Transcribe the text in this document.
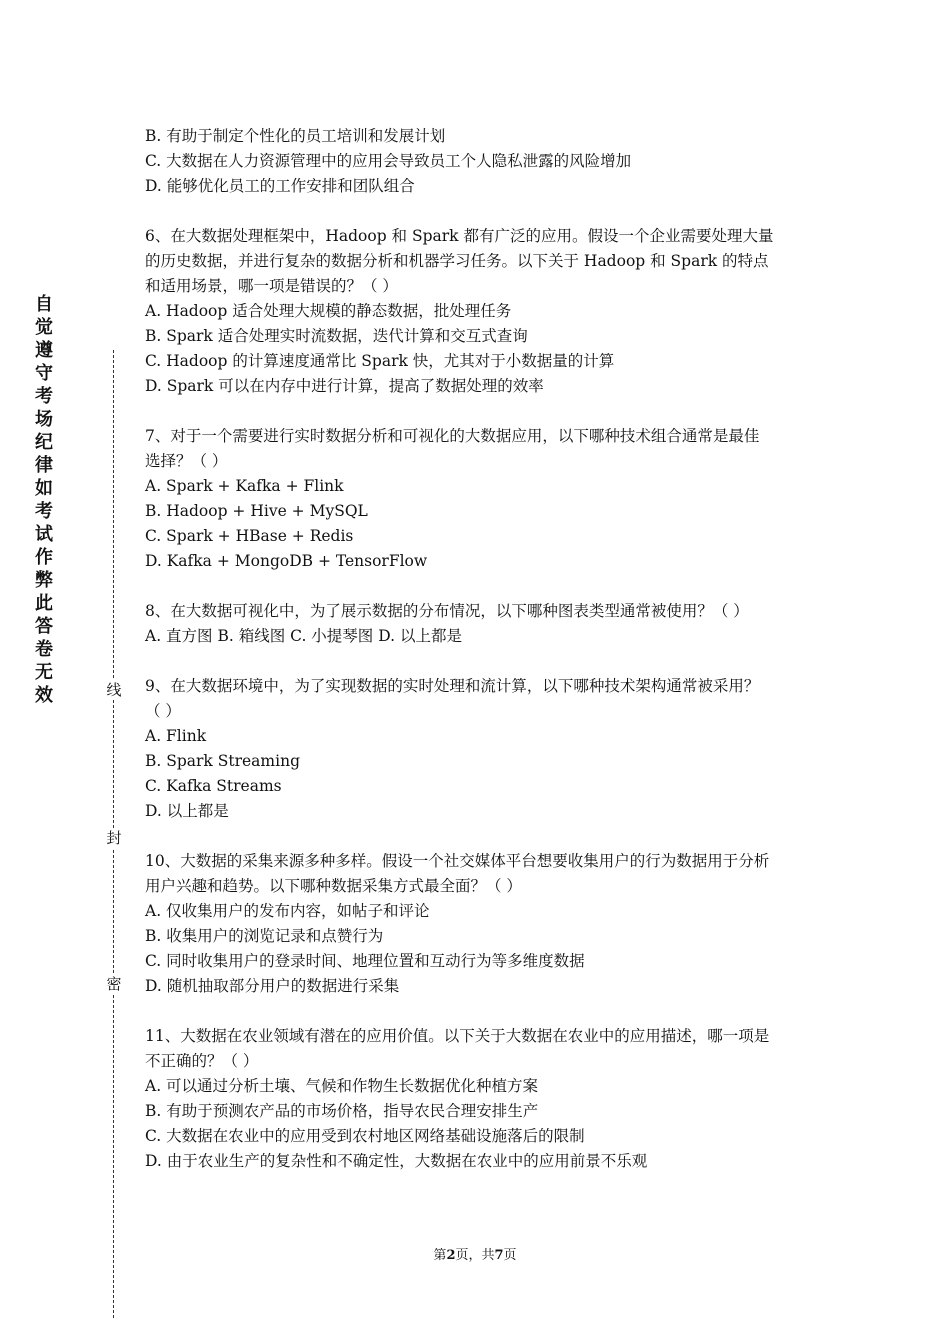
自觉遵守考场纪律如考试作弊此答卷无效	线
封
密
B. 有助于制定个性化的员工培训和发展计划
C. 大数据在人力资源管理中的应用会导致员工个人隐私泄露的风险增加
D. 能够优化员工的工作安排和团队组合
6、在大数据处理框架中，Hadoop 和 Spark 都有广泛的应用。假设一个企业需要处理大量
的历史数据，并进行复杂的数据分析和机器学习任务。以下关于 Hadoop 和 Spark 的特点
和适用场景，哪一项是错误的？（ ）
A. Hadoop 适合处理大规模的静态数据，批处理任务
B. Spark 适合处理实时流数据，迭代计算和交互式查询
C. Hadoop 的计算速度通常比 Spark 快，尤其对于小数据量的计算
D. Spark 可以在内存中进行计算，提高了数据处理的效率
7、对于一个需要进行实时数据分析和可视化的大数据应用，以下哪种技术组合通常是最佳
选择？（ ）
A. Spark + Kafka + Flink
B. Hadoop + Hive + MySQL
C. Spark + HBase + Redis
D. Kafka + MongoDB + TensorFlow
8、在大数据可视化中，为了展示数据的分布情况，以下哪种图表类型通常被使用？（ ）
A. 直方图 B. 箱线图 C. 小提琴图 D. 以上都是
9、在大数据环境中，为了实现数据的实时处理和流计算，以下哪种技术架构通常被采用？
（ ）
A. Flink
B. Spark Streaming
C. Kafka Streams
D. 以上都是
10、大数据的采集来源多种多样。假设一个社交媒体平台想要收集用户的行为数据用于分析
用户兴趣和趋势。以下哪种数据采集方式最全面？（ ）
A. 仅收集用户的发布内容，如帖子和评论
B. 收集用户的浏览记录和点赞行为
C. 同时收集用户的登录时间、地理位置和互动行为等多维度数据
D. 随机抽取部分用户的数据进行采集
11、大数据在农业领域有潜在的应用价值。以下关于大数据在农业中的应用描述，哪一项是
不正确的？（ ）
A. 可以通过分析土壤、气候和作物生长数据优化种植方案
B. 有助于预测农产品的市场价格，指导农民合理安排生产
C. 大数据在农业中的应用受到农村地区网络基础设施落后的限制
D. 由于农业生产的复杂性和不确定性，大数据在农业中的应用前景不乐观
第2页，共7页
